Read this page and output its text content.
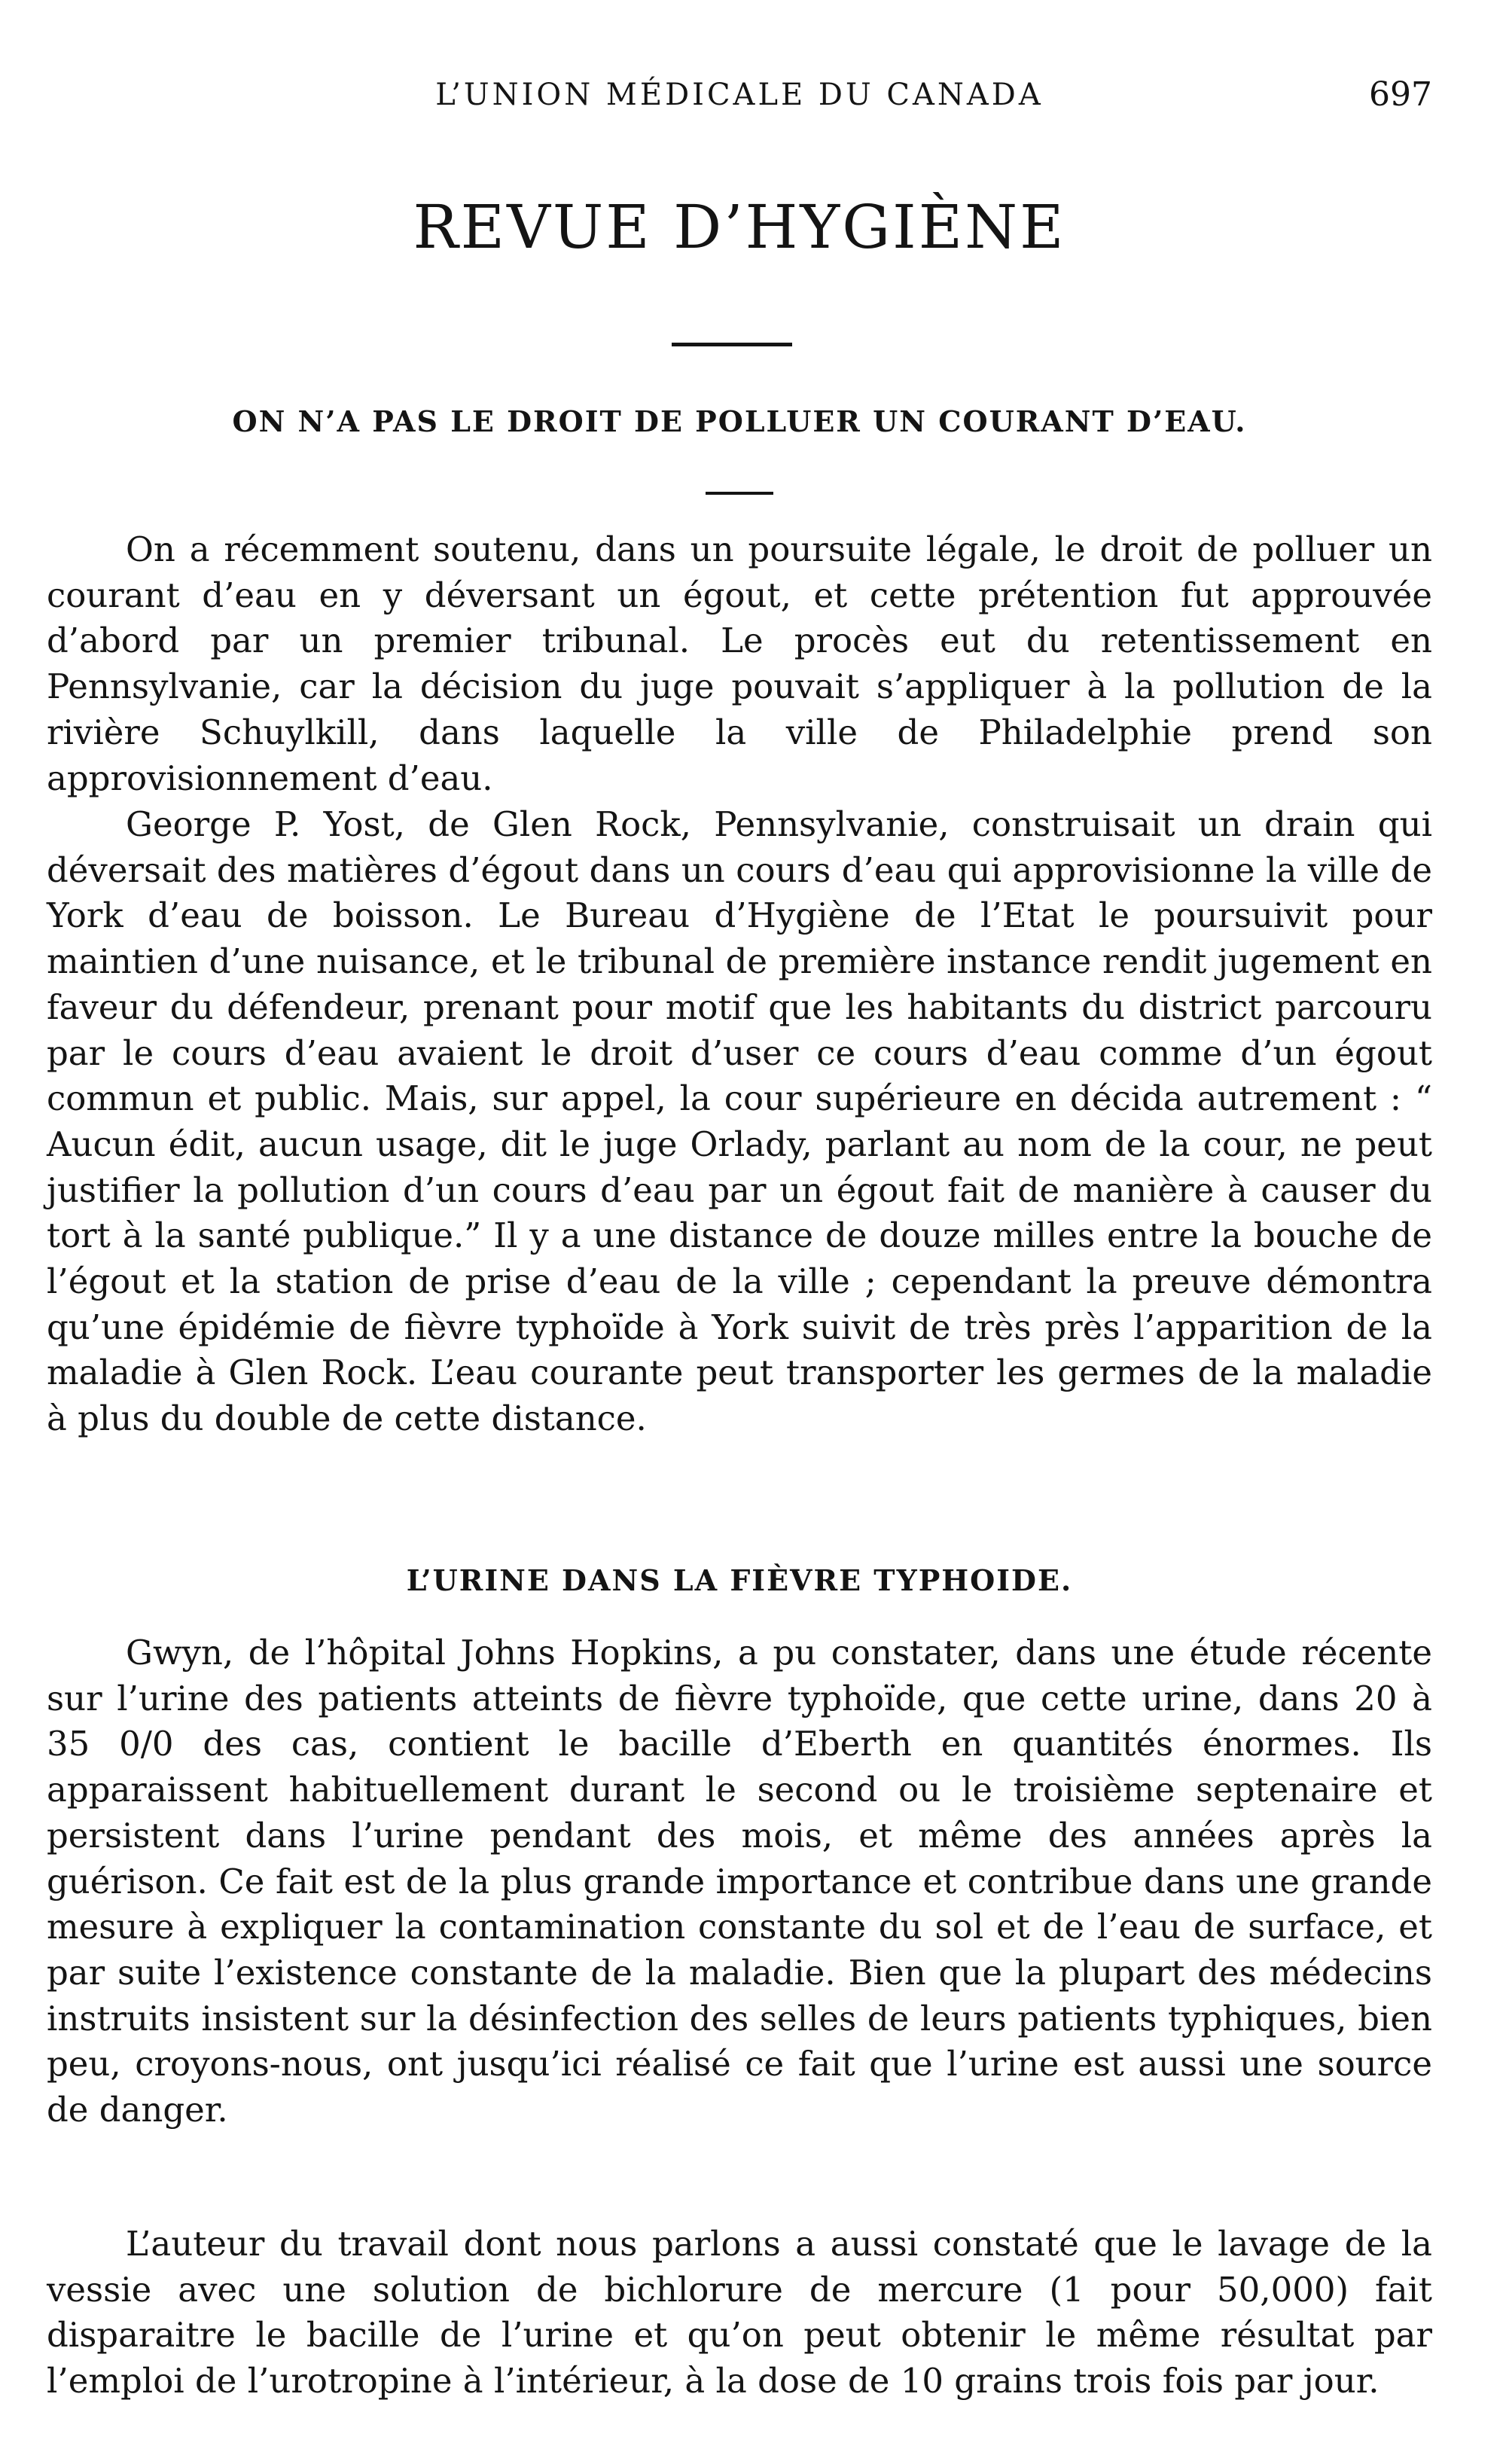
L’UNION MÉDICALE DU CANADA	697
REVUE D’HYGIÈNE
ON N’A PAS LE DROIT DE POLLUER UN COURANT D’EAU.

On a récemment soutenu, dans un poursuite légale, le droit de polluer un courant d’eau en y déversant un égout, et cette prétention fut approuvée d’abord par un premier tribunal. Le procès eut du retentissement en Pennsylvanie, car la décision du juge pouvait s’appliquer à la pollution de la rivière Schuylkill, dans laquelle la ville de Philadelphie prend son approvisionnement d’eau.

George P. Yost, de Glen Rock, Pennsylvanie, construisait un drain qui déversait des matières d’égout dans un cours d’eau qui approvisionne la ville de York d’eau de boisson. Le Bureau d’Hygiène de l’Etat le poursuivit pour maintien d’une nuisance, et le tribunal de première instance rendit jugement en faveur du défendeur, prenant pour motif que les habitants du district parcouru par le cours d’eau avaient le droit d’user ce cours d’eau comme d’un égout commun et public. Mais, sur appel, la cour supérieure en décida autrement : “ Aucun édit, aucun usage, dit le juge Orlady, parlant au nom de la cour, ne peut justifier la pollution d’un cours d’eau par un égout fait de manière à causer du tort à la santé publique.” Il y a une distance de douze milles entre la bouche de l’égout et la station de prise d’eau de la ville ; cependant la preuve démontra qu’une épidémie de fièvre typhoïde à York suivit de très près l’apparition de la maladie à Glen Rock. L’eau courante peut transporter les germes de la maladie à plus du double de cette distance.

L’URINE DANS LA FIÈVRE TYPHOIDE.

Gwyn, de l’hôpital Johns Hopkins, a pu constater, dans une étude récente sur l’urine des patients atteints de fièvre typhoïde, que cette urine, dans 20 à 35 0/0 des cas, contient le bacille d’Eberth en quantités énormes. Ils apparaissent habituellement durant le second ou le troisième septenaire et persistent dans l’urine pendant des mois, et même des années après la guérison. Ce fait est de la plus grande importance et contribue dans une grande mesure à expliquer la contamination constante du sol et de l’eau de surface, et par suite l’existence constante de la maladie. Bien que la plupart des médecins instruits insistent sur la désinfection des selles de leurs patients typhiques, bien peu, croyons-nous, ont jusqu’ici réalisé ce fait que l’urine est aussi une source de danger.

L’auteur du travail dont nous parlons a aussi constaté que le lavage de la vessie avec une solution de bichlorure de mercure (1 pour 50,000) fait disparaitre le bacille de l’urine et qu’on peut obtenir le même résultat par l’emploi de l’urotropine à l’intérieur, à la dose de 10 grains trois fois par jour.
